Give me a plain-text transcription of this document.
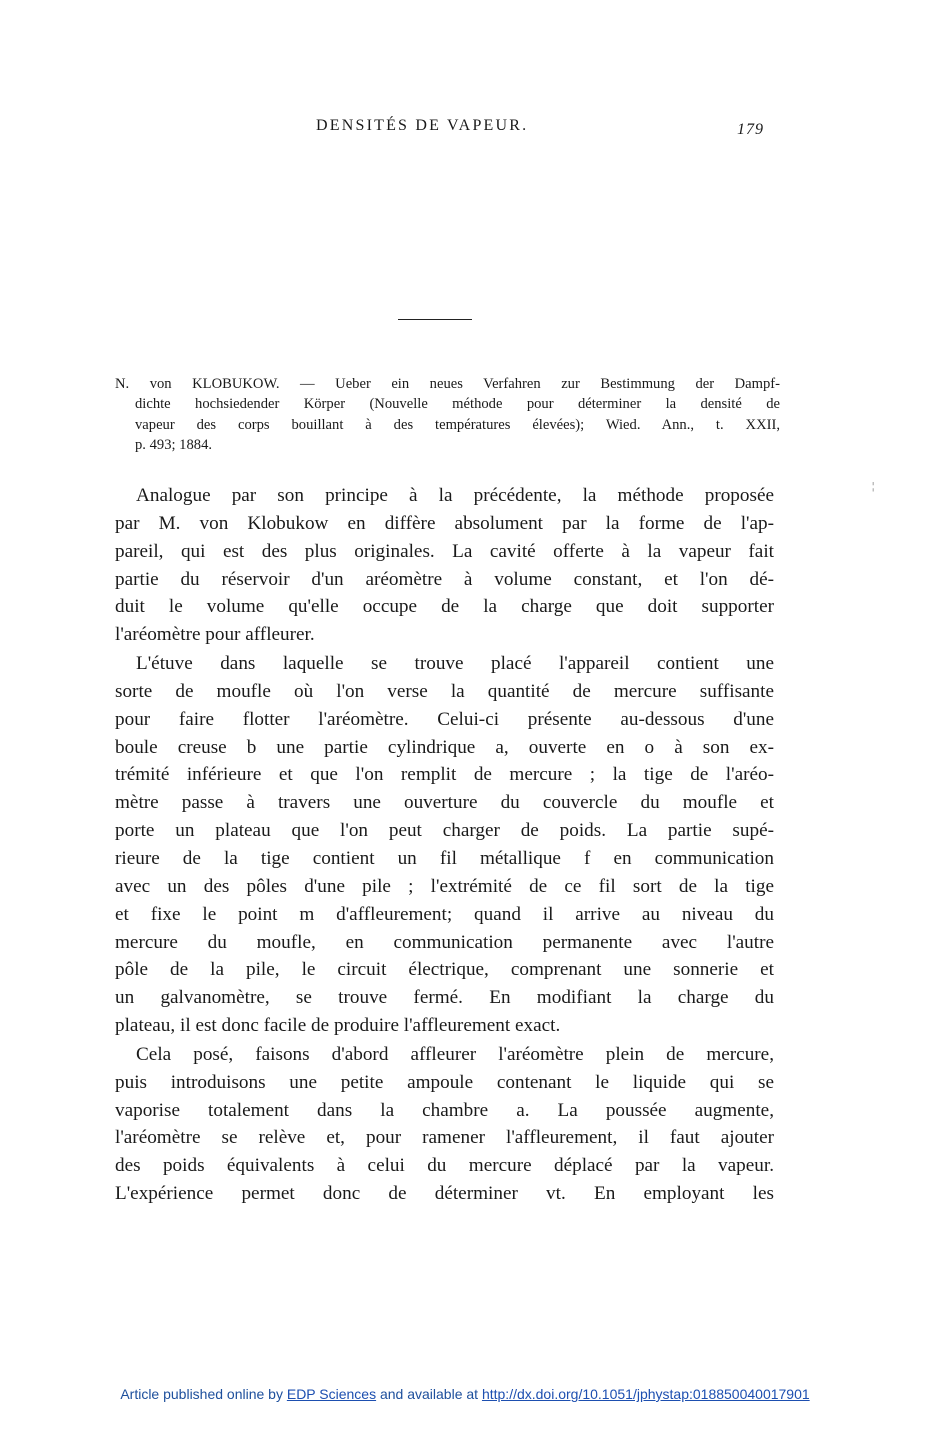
DENSITÉS DE VAPEUR.	179
N. von KLOBUKOW. — Ueber ein neues Verfahren zur Bestimmung der Dampf-
dichte hochsiedender Körper (Nouvelle méthode pour déterminer la densité de
vapeur des corps bouillant à des températures élevées); Wied. Ann., t. XXII,
p. 493; 1884.
¦
Analogue par son principe à la précédente, la méthode proposée
par M. von Klobukow en diffère absolument par la forme de l'ap-
pareil, qui est des plus originales. La cavité offerte à la vapeur fait
partie du réservoir d'un aréomètre à volume constant, et l'on dé-
duit le volume qu'elle occupe de la charge que doit supporter
l'aréomètre pour affleurer.
L'étuve dans laquelle se trouve placé l'appareil contient une
sorte de moufle où l'on verse la quantité de mercure suffisante
pour faire flotter l'aréomètre. Celui-ci présente au-dessous d'une
boule creuse b une partie cylindrique a, ouverte en o à son ex-
trémité inférieure et que l'on remplit de mercure ; la tige de l'aréo-
mètre passe à travers une ouverture du couvercle du moufle et
porte un plateau que l'on peut charger de poids. La partie supé-
rieure de la tige contient un fil métallique f en communication
avec un des pôles d'une pile ; l'extrémité de ce fil sort de la tige
et fixe le point m d'affleurement; quand il arrive au niveau du
mercure du moufle, en communication permanente avec l'autre
pôle de la pile, le circuit électrique, comprenant une sonnerie et
un galvanomètre, se trouve fermé. En modifiant la charge du
plateau, il est donc facile de produire l'affleurement exact.
Cela posé, faisons d'abord affleurer l'aréomètre plein de mercure,
puis introduisons une petite ampoule contenant le liquide qui se
vaporise totalement dans la chambre a. La poussée augmente,
l'aréomètre se relève et, pour ramener l'affleurement, il faut ajouter
des poids équivalents à celui du mercure déplacé par la vapeur.
L'expérience permet donc de déterminer vt. En employant les
Article published online by EDP Sciences and available at http://dx.doi.org/10.1051/jphystap:018850040017901
